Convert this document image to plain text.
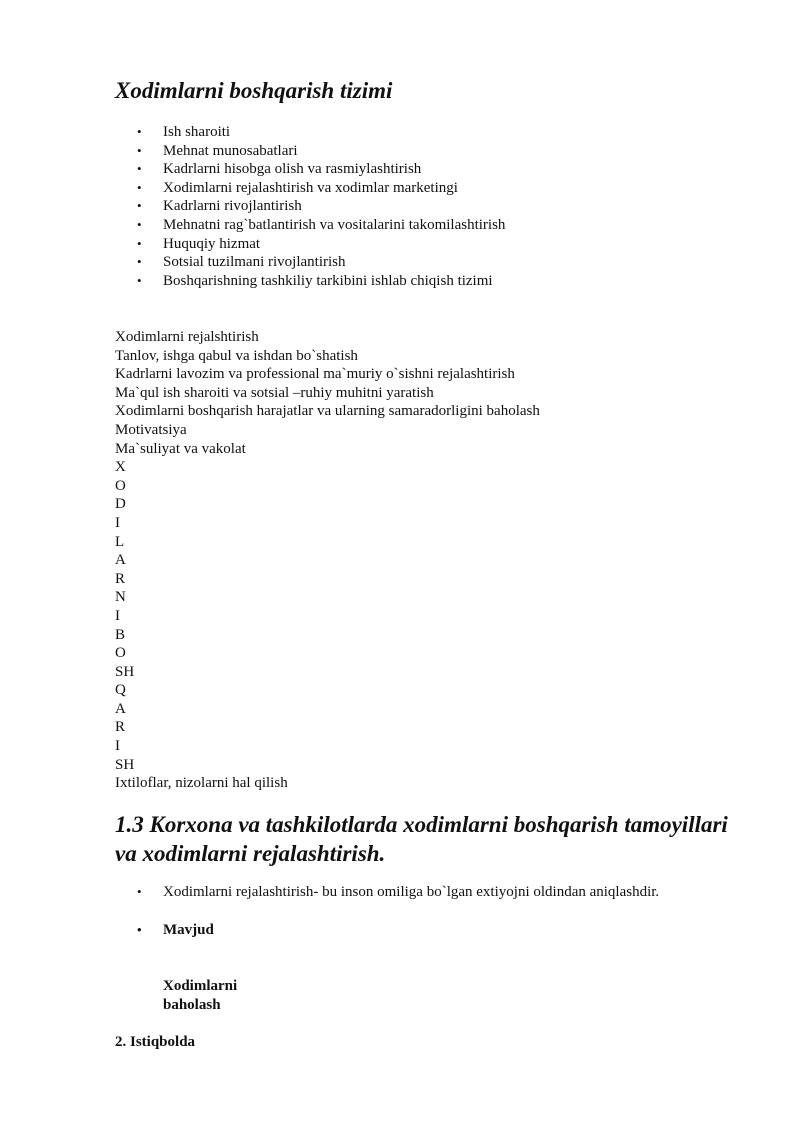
Xodimlarni boshqarish tizimi
•	Ish sharoiti
•	Mehnat munosabatlari
•	Kadrlarni hisobga olish va rasmiylashtirish
•	Xodimlarni rejalashtirish va xodimlar marketingi
•	Kadrlarni rivojlantirish
•	Mehnatni rag`batlantirish va vositalarini takomilashtirish
•	Huquqiy hizmat
•	Sotsial tuzilmani rivojlantirish
•	Boshqarishning tashkiliy tarkibini ishlab chiqish tizimi
Xodimlarni rejalshtirish
Tanlov, ishga qabul va ishdan bo`shatish
Kadrlarni lavozim va professional ma`muriy o`sishni rejalashtirish
Ma`qul ish sharoiti va sotsial –ruhiy muhitni yaratish
Xodimlarni boshqarish harajatlar va ularning samaradorligini baholash
Motivatsiya
Ma`suliyat va vakolat
X
O
D
I
L
A
R
N
I
B
O
SH
Q
A
R
I
SH
Ixtiloflar, nizolarni hal qilish
1.3 Korxona va tashkilotlarda xodimlarni boshqarish tamoyillari va xodimlarni rejalashtirish.
• Xodimlarni rejalashtirish- bu inson omiliga bo`lgan extiyojni oldindan aniqlashdir.
• Mavjud

Xodimlarni
baholash

2. Istiqbolda
